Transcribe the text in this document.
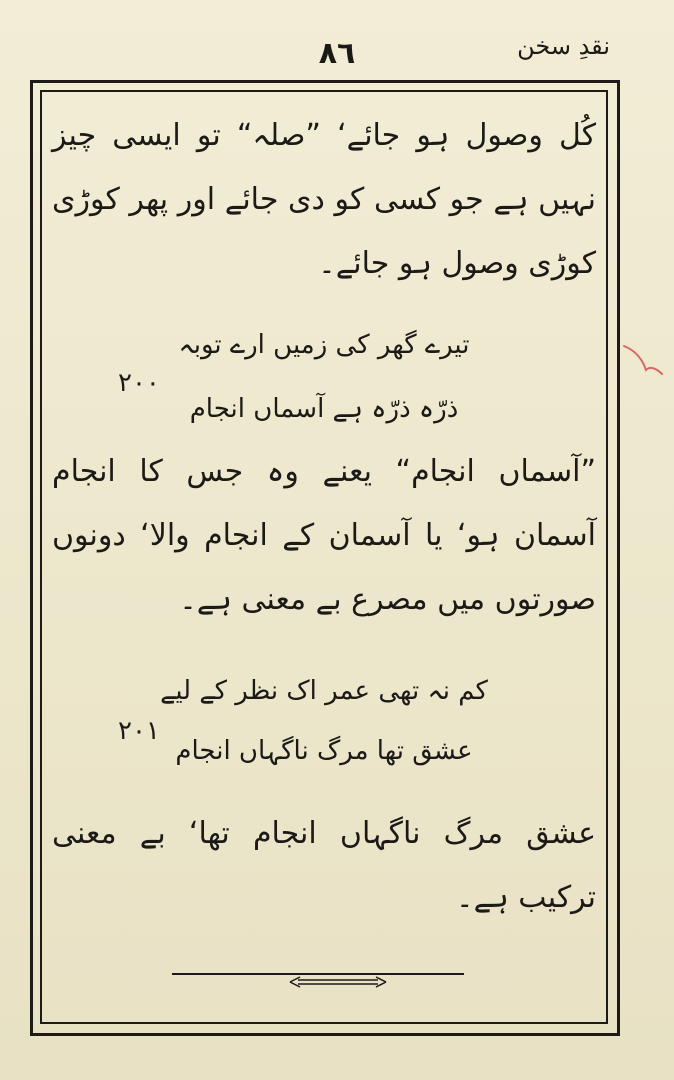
۸٦	نقدِ سخن
کُل وصول ہو جائے‘ ”صلہ“ تو ایسی چیز نہیں ہے جو کسی کو دی جائے اور پھر کوڑی کوڑی وصول ہو جائے۔
تیرے گھر کی زمیں ارے توبہ
۲۰۰
ذرّہ ذرّہ ہے آسماں انجام
”آسماں انجام“ یعنے وہ جس کا انجام آسمان ہو‘ یا آسمان کے انجام والا‘ دونوں صورتوں میں مصرع بے معنی ہے۔
کم نہ تھی عمر اک نظر کے لیے
۲۰۱
عشق تھا مرگ ناگہاں انجام
عشق مرگ ناگہاں انجام تھا‘ بے معنی ترکیب ہے۔
